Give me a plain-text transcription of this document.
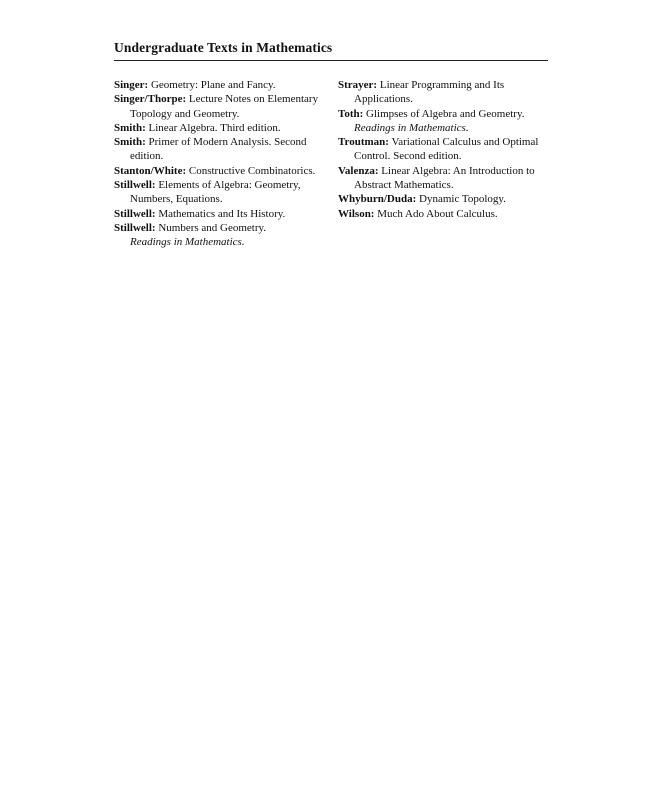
Undergraduate Texts in Mathematics

Singer: Geometry: Plane and Fancy.

Singer/Thorpe: Lecture Notes on Elementary Topology and Geometry.

Smith: Linear Algebra. Third edition.

Smith: Primer of Modern Analysis. Second edition.

Stanton/White: Constructive Combinatorics.

Stillwell: Elements of Algebra: Geometry, Numbers, Equations.

Stillwell: Mathematics and Its History.

Stillwell: Numbers and Geometry.
Readings in Mathematics.

Strayer: Linear Programming and Its Applications.

Toth: Glimpses of Algebra and Geometry.
Readings in Mathematics.

Troutman: Variational Calculus and Optimal Control. Second edition.

Valenza: Linear Algebra: An Introduction to Abstract Mathematics.

Whyburn/Duda: Dynamic Topology.

Wilson: Much Ado About Calculus.
